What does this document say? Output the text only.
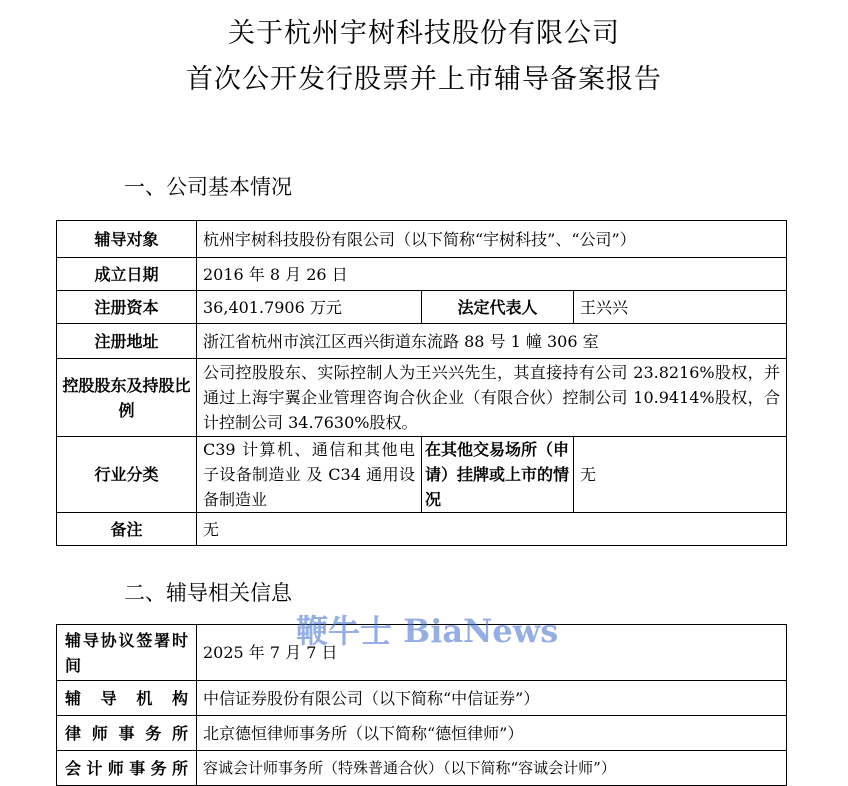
关于杭州宇树科技股份有限公司
首次公开发行股票并上市辅导备案报告
一、公司基本情况
辅导对象	杭州宇树科技股份有限公司（以下简称“宇树科技”、“公司”）		
成立日期	2016 年 8 月 26 日		
注册资本	36,401.7906 万元	法定代表人	王兴兴
注册地址	浙江省杭州市滨江区西兴街道东流路 88 号 1 幢 306 室		
控股股东及持股比例	公司控股股东、实际控制人为王兴兴先生，其直接持有公司 23.8216%股权，并通过上海宇翼企业管理咨询合伙企业（有限合伙）控制公司 10.9414%股权，合计控制公司 34.7630%股权。		
行业分类	C39 计算机、通信和其他电子设备制造业 及 C34 通用设备制造业	在其他交易场所（申请）挂牌或上市的情况	无
备注	无		
二、辅导相关信息
辅导协议签署时间	2025 年 7 月 7 日
辅导机构	中信证券股份有限公司（以下简称“中信证券”）
律师事务所	北京德恒律师事务所（以下简称“德恒律师”）
会计师事务所	容诚会计师事务所（特殊普通合伙）（以下简称“容诚会计师”）
鞭牛士 BiaNews
